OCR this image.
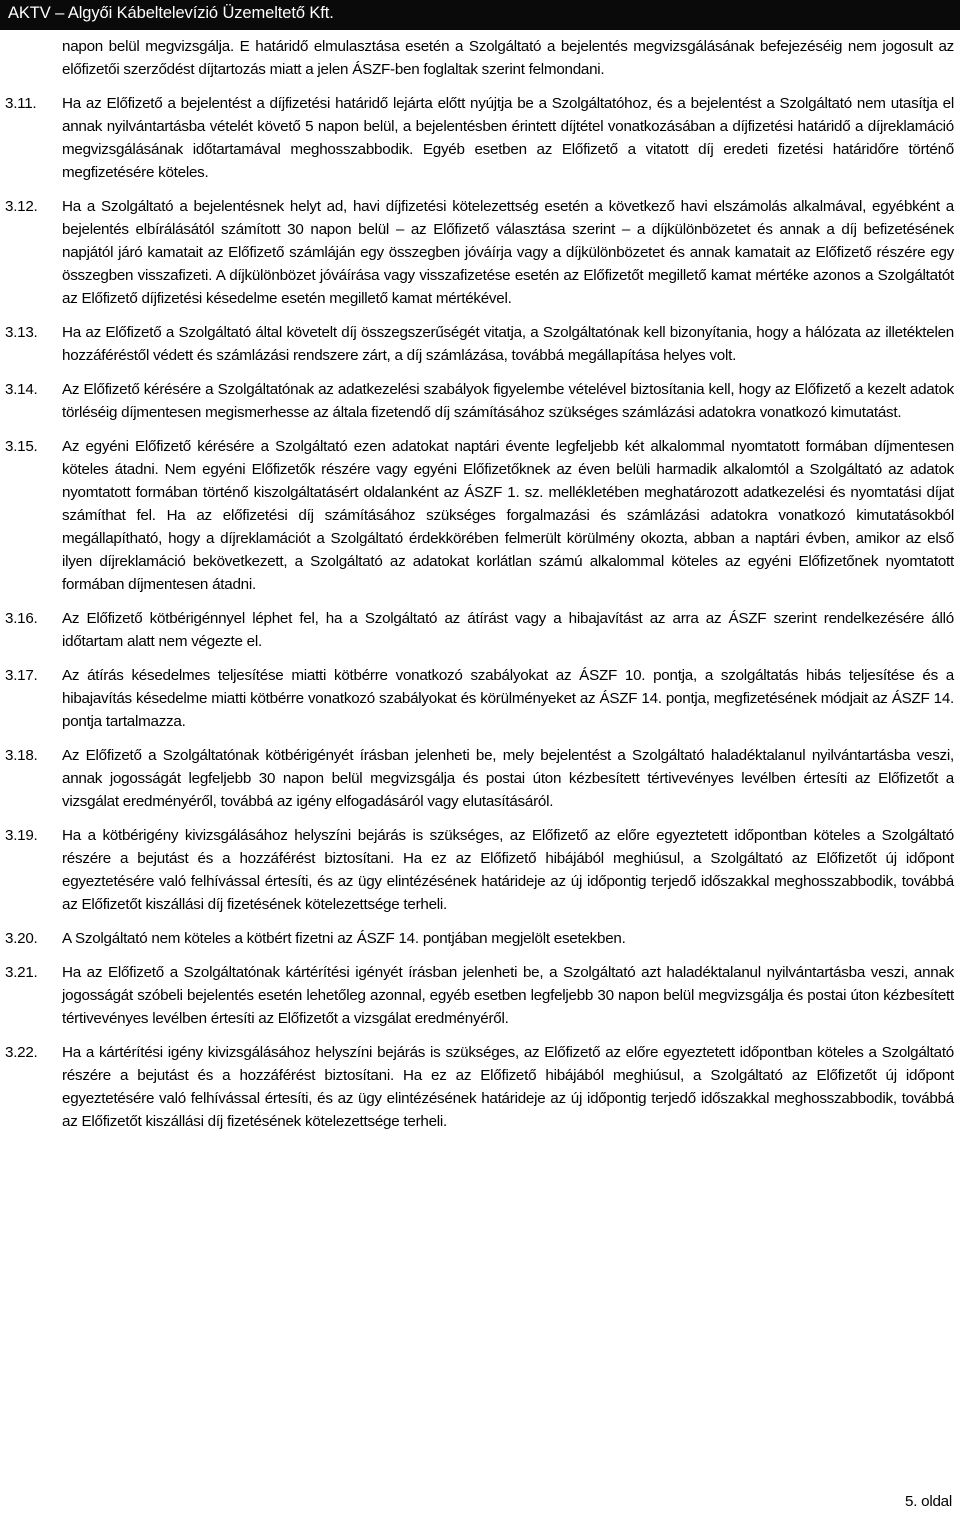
AKTV – Algyői Kábeltelevízió Üzemeltető Kft.

napon belül megvizsgálja. E határidő elmulasztása esetén a Szolgáltató a bejelentés megvizsgálásának befejezéséig nem jogosult az előfizetői szerződést díjtartozás miatt a jelen ÁSZF-ben foglaltak szerint felmondani.

3.11. Ha az Előfizető a bejelentést a díjfizetési határidő lejárta előtt nyújtja be a Szolgáltatóhoz, és a bejelentést a Szolgáltató nem utasítja el annak nyilvántartásba vételét követő 5 napon belül, a bejelentésben érintett díjtétel vonatkozásában a díjfizetési határidő a díjreklamáció megvizsgálásának időtartamával meghosszabbodik. Egyéb esetben az Előfizető a vitatott díj eredeti fizetési határidőre történő megfizetésére köteles.

3.12. Ha a Szolgáltató a bejelentésnek helyt ad, havi díjfizetési kötelezettség esetén a következő havi elszámolás alkalmával, egyébként a bejelentés elbírálásától számított 30 napon belül – az Előfizető választása szerint – a díjkülönbözetet és annak a díj befizetésének napjától járó kamatait az Előfizető számláján egy összegben jóváírja vagy a díjkülönbözetet és annak kamatait az Előfizető részére egy összegben visszafizeti. A díjkülönbözet jóváírása vagy visszafizetése esetén az Előfizetőt megillető kamat mértéke azonos a Szolgáltatót az Előfizető díjfizetési késedelme esetén megillető kamat mértékével.

3.13. Ha az Előfizető a Szolgáltató által követelt díj összegszerűségét vitatja, a Szolgáltatónak kell bizonyítania, hogy a hálózata az illetéktelen hozzáféréstől védett és számlázási rendszere zárt, a díj számlázása, továbbá megállapítása helyes volt.

3.14. Az Előfizető kérésére a Szolgáltatónak az adatkezelési szabályok figyelembe vételével biztosítania kell, hogy az Előfizető a kezelt adatok törléséig díjmentesen megismerhesse az általa fizetendő díj számításához szükséges számlázási adatokra vonatkozó kimutatást.

3.15. Az egyéni Előfizető kérésére a Szolgáltató ezen adatokat naptári évente legfeljebb két alkalommal nyomtatott formában díjmentesen köteles átadni. Nem egyéni Előfizetők részére vagy egyéni Előfizetőknek az éven belüli harmadik alkalomtól a Szolgáltató az adatok nyomtatott formában történő kiszolgáltatásért oldalanként az ÁSZF 1. sz. mellékletében meghatározott adatkezelési és nyomtatási díjat számíthat fel. Ha az előfizetési díj számításához szükséges forgalmazási és számlázási adatokra vonatkozó kimutatásokból megállapítható, hogy a díjreklamációt a Szolgáltató érdekkörében felmerült körülmény okozta, abban a naptári évben, amikor az első ilyen díjreklamáció bekövetkezett, a Szolgáltató az adatokat korlátlan számú alkalommal köteles az egyéni Előfizetőnek nyomtatott formában díjmentesen átadni.

3.16. Az Előfizető kötbérigénnyel léphet fel, ha a Szolgáltató az átírást vagy a hibajavítást az arra az ÁSZF szerint rendelkezésére álló időtartam alatt nem végezte el.

3.17. Az átírás késedelmes teljesítése miatti kötbérre vonatkozó szabályokat az ÁSZF 10. pontja, a szolgáltatás hibás teljesítése és a hibajavítás késedelme miatti kötbérre vonatkozó szabályokat és körülményeket az ÁSZF 14. pontja, megfizetésének módjait az ÁSZF 14. pontja tartalmazza.

3.18. Az Előfizető a Szolgáltatónak kötbérigényét írásban jelenheti be, mely bejelentést a Szolgáltató haladéktalanul nyilvántartásba veszi, annak jogosságát legfeljebb 30 napon belül megvizsgálja és postai úton kézbesített tértivevényes levélben értesíti az Előfizetőt a vizsgálat eredményéről, továbbá az igény elfogadásáról vagy elutasításáról.

3.19. Ha a kötbérigény kivizsgálásához helyszíni bejárás is szükséges, az Előfizető az előre egyeztetett időpontban köteles a Szolgáltató részére a bejutást és a hozzáférést biztosítani. Ha ez az Előfizető hibájából meghiúsul, a Szolgáltató az Előfizetőt új időpont egyeztetésére való felhívással értesíti, és az ügy elintézésének határideje az új időpontig terjedő időszakkal meghosszabbodik, továbbá az Előfizetőt kiszállási díj fizetésének kötelezettsége terheli.

3.20. A Szolgáltató nem köteles a kötbért fizetni az ÁSZF 14. pontjában megjelölt esetekben.

3.21. Ha az Előfizető a Szolgáltatónak kártérítési igényét írásban jelenheti be, a Szolgáltató azt haladéktalanul nyilvántartásba veszi, annak jogosságát szóbeli bejelentés esetén lehetőleg azonnal, egyéb esetben legfeljebb 30 napon belül megvizsgálja és postai úton kézbesített tértivevényes levélben értesíti az Előfizetőt a vizsgálat eredményéről.

3.22. Ha a kártérítési igény kivizsgálásához helyszíni bejárás is szükséges, az Előfizető az előre egyeztetett időpontban köteles a Szolgáltató részére a bejutást és a hozzáférést biztosítani. Ha ez az Előfizető hibájából meghiúsul, a Szolgáltató az Előfizetőt új időpont egyeztetésére való felhívással értesíti, és az ügy elintézésének határideje az új időpontig terjedő időszakkal meghosszabbodik, továbbá az Előfizetőt kiszállási díj fizetésének kötelezettsége terheli.

5. oldal
